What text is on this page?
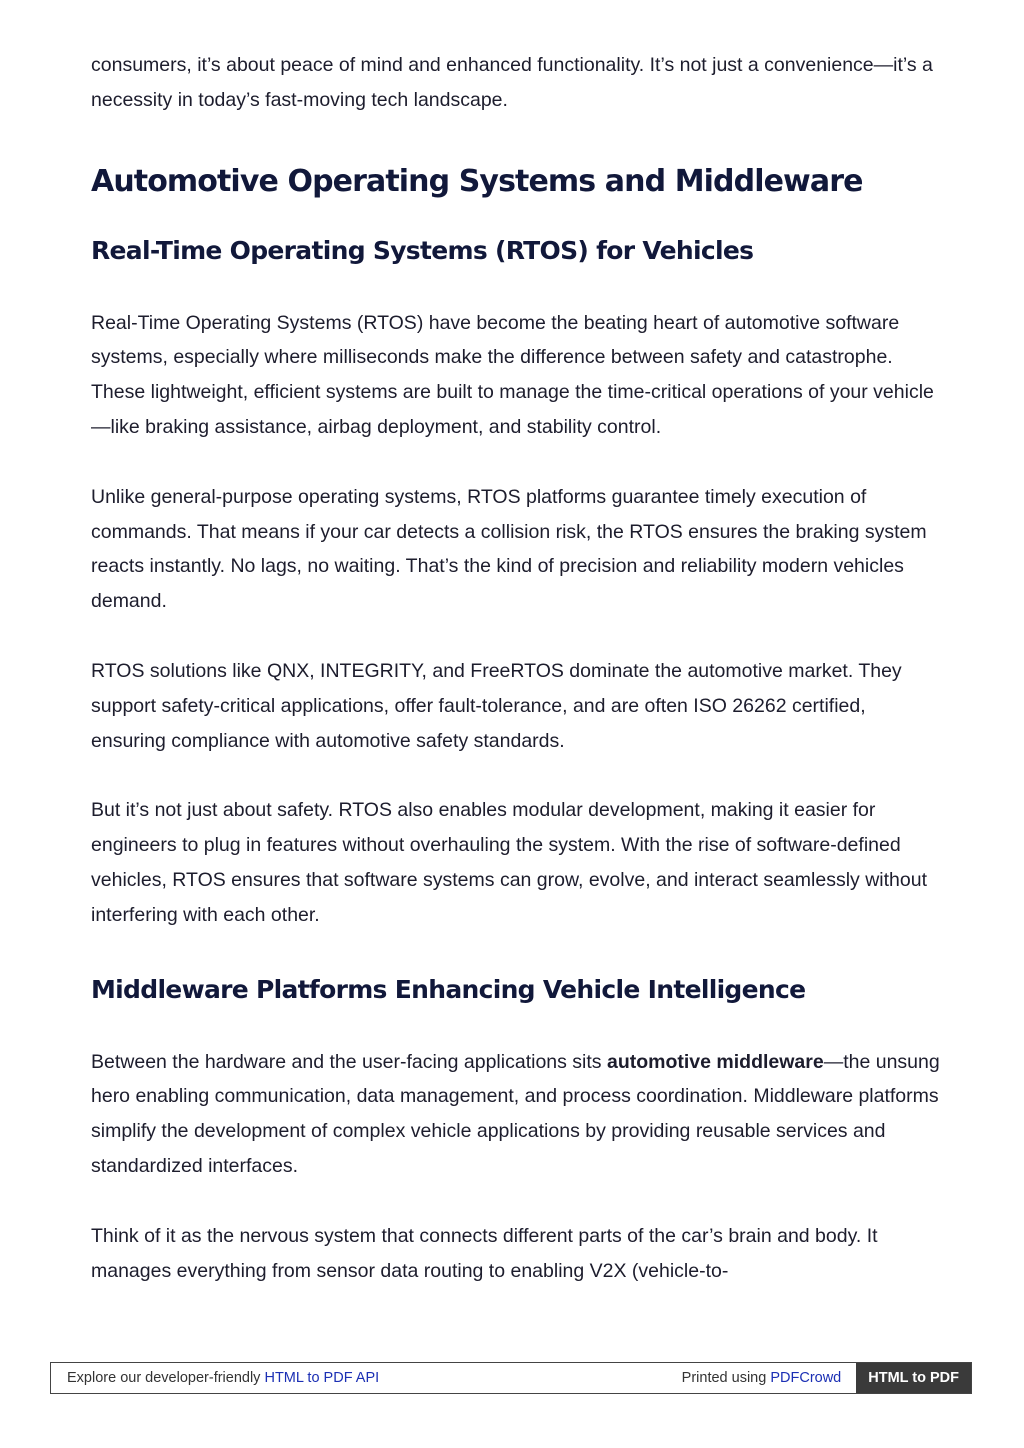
consumers, it’s about peace of mind and enhanced functionality. It’s not just a convenience—it’s a necessity in today’s fast-moving tech landscape.

Automotive Operating Systems and Middleware
Real-Time Operating Systems (RTOS) for Vehicles

Real-Time Operating Systems (RTOS) have become the beating heart of automotive software systems, especially where milliseconds make the difference between safety and catastrophe. These lightweight, efficient systems are built to manage the time-critical operations of your vehicle—like braking assistance, airbag deployment, and stability control.

Unlike general-purpose operating systems, RTOS platforms guarantee timely execution of commands. That means if your car detects a collision risk, the RTOS ensures the braking system reacts instantly. No lags, no waiting. That’s the kind of precision and reliability modern vehicles demand.

RTOS solutions like QNX, INTEGRITY, and FreeRTOS dominate the automotive market. They support safety-critical applications, offer fault-tolerance, and are often ISO 26262 certified, ensuring compliance with automotive safety standards.

But it’s not just about safety. RTOS also enables modular development, making it easier for engineers to plug in features without overhauling the system. With the rise of software-defined vehicles, RTOS ensures that software systems can grow, evolve, and interact seamlessly without interfering with each other.

Middleware Platforms Enhancing Vehicle Intelligence

Between the hardware and the user-facing applications sits automotive middleware—the unsung hero enabling communication, data management, and process coordination. Middleware platforms simplify the development of complex vehicle applications by providing reusable services and standardized interfaces.

Think of it as the nervous system that connects different parts of the car’s brain and body. It manages everything from sensor data routing to enabling V2X (vehicle-to-

Explore our developer-friendly HTML to PDF API	Printed using PDFCrowd	HTML to PDF
